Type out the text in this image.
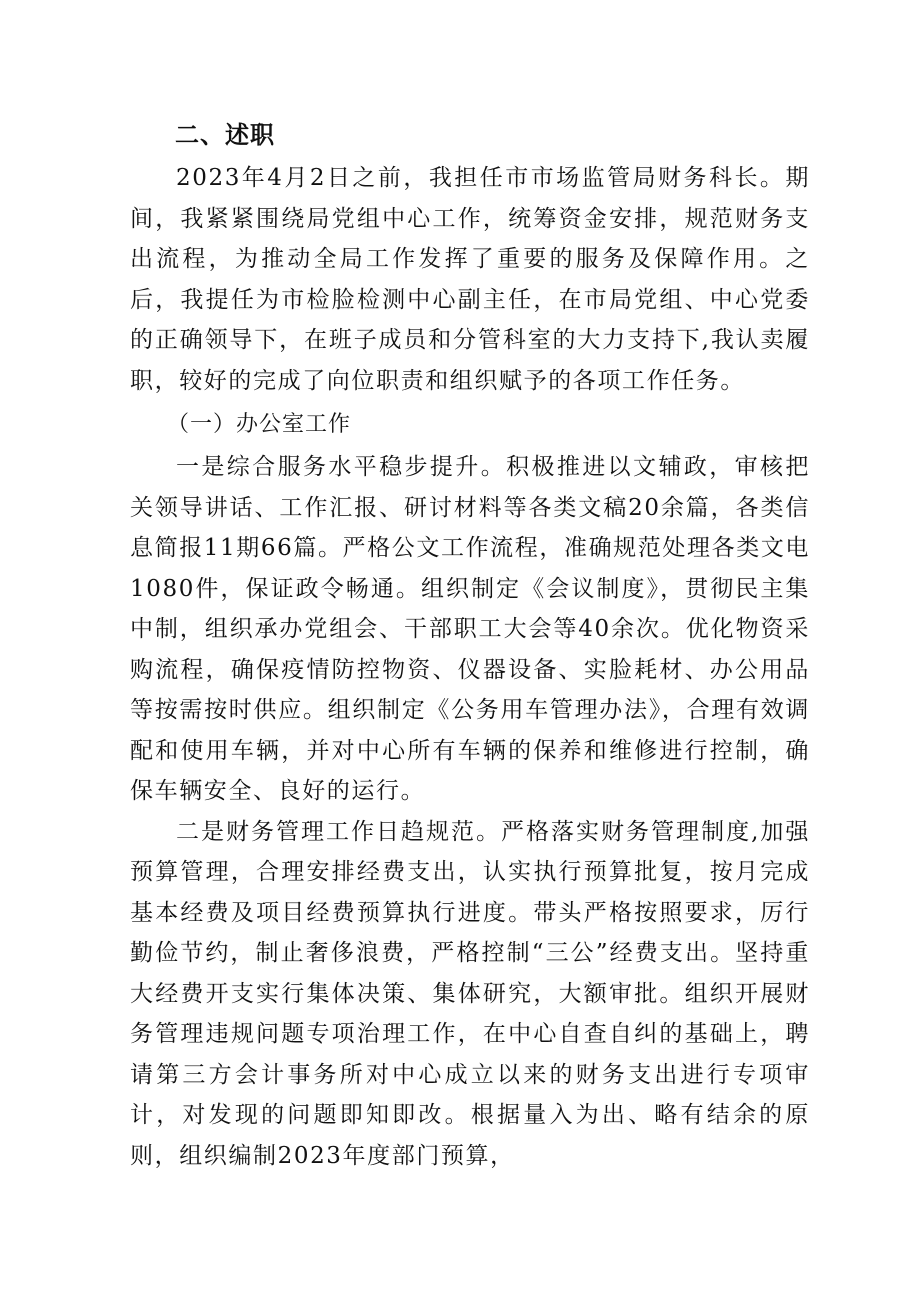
二、述职

2023年4月2日之前，我担任市市场监管局财务科长。期间，我紧紧围绕局党组中心工作，统筹资金安排，规范财务支出流程，为推动全局工作发挥了重要的服务及保障作用。之后，我提任为市检脸检测中心副主任，在市局党组、中心党委的正确领导下，在班子成员和分管科室的大力支持下,我认卖履职，较好的完成了向位职责和组织赋予的各项工作任务。

（一）办公室工作

一是综合服务水平稳步提升。积极推进以文辅政，审核把关领导讲话、工作汇报、研讨材料等各类文稿20余篇，各类信息简报11期66篇。严格公文工作流程，准确规范处理各类文电1080件，保证政令畅通。组织制定《会议制度》，贯彻民主集中制，组织承办党组会、干部职工大会等40余次。优化物资采购流程，确保疫情防控物资、仪器设备、实脸耗材、办公用品等按需按时供应。组织制定《公务用车管理办法》，合理有效调配和使用车辆，并对中心所有车辆的保养和维修进行控制，确保车辆安全、良好的运行。

二是财务管理工作日趋规范。严格落实财务管理制度,加强预算管理，合理安排经费支出，认实执行预算批复，按月完成基本经费及项目经费预算执行进度。带头严格按照要求，厉行勤俭节约，制止奢侈浪费，严格控制“三公”经费支出。坚持重大经费开支实行集体决策、集体研究，大额审批。组织开展财务管理违规问题专项治理工作，在中心自查自纠的基础上，聘请第三方会计事务所对中心成立以来的财务支出进行专项审计，对发现的问题即知即改。根据量入为出、略有结余的原则，组织编制2023年度部门预算，
